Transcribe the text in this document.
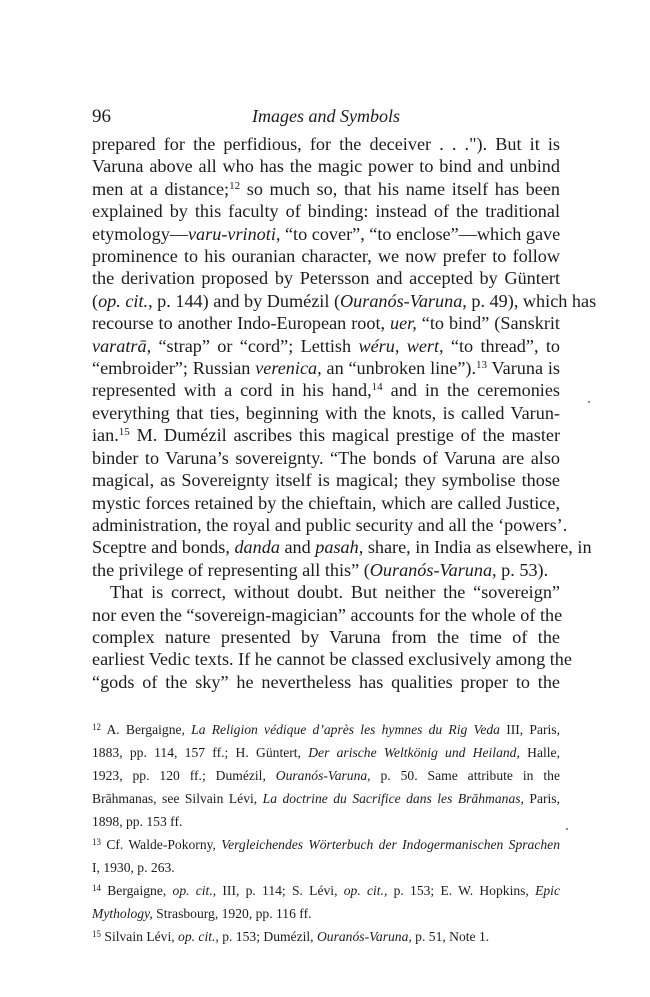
96	Images and Symbols
prepared for the perfidious, for the deceiver . . ."). But it is
Varuna above all who has the magic power to bind and unbind
men at a distance;$^{12}$ so much so, that his name itself has been
explained by this faculty of binding: instead of the traditional
etymology—varu-vrinoti, “to cover”, “to enclose”—which gave
prominence to his ouranian character, we now prefer to follow
the derivation proposed by Petersson and accepted by Güntert
(op. cit., p. 144) and by Dumézil (Ouranós-Varuna, p. 49), which has
recourse to another Indo-European root, uer, “to bind” (Sanskrit
varatrā, “strap” or “cord”; Lettish wéru, wert, “to thread”, to
“embroider”; Russian verenica, an “unbroken line”).$^{13}$ Varuna is
represented with a cord in his hand,$^{14}$ and in the ceremonies
everything that ties, beginning with the knots, is called Varun-
ian.$^{15}$ M. Dumézil ascribes this magical prestige of the master
binder to Varuna’s sovereignty. “The bonds of Varuna are also
magical, as Sovereignty itself is magical; they symbolise those
mystic forces retained by the chieftain, which are called Justice,
administration, the royal and public security and all the ‘powers’.
Sceptre and bonds, danda and pasah, share, in India as elsewhere, in
the privilege of representing all this” (Ouranós-Varuna, p. 53).
That is correct, without doubt. But neither the “sovereign”
nor even the “sovereign-magician” accounts for the whole of the
complex nature presented by Varuna from the time of the
earliest Vedic texts. If he cannot be classed exclusively among the
“gods of the sky” he nevertheless has qualities proper to the
$^{12}$ A. Bergaigne, La Religion védique d’après les hymnes du Rig Veda III, Paris,
1883, pp. 114, 157 ff.; H. Güntert, Der arische Weltkönig und Heiland, Halle,
1923, pp. 120 ff.; Dumézil, Ouranós-Varuna, p. 50. Same attribute in the
Brāhmanas, see Silvain Lévi, La doctrine du Sacrifice dans les Brāhmanas, Paris,
1898, pp. 153 ff.
$^{13}$ Cf. Walde-Pokorny, Vergleichendes Wörterbuch der Indogermanischen Sprachen
I, 1930, p. 263.
$^{14}$ Bergaigne, op. cit., III, p. 114; S. Lévi, op. cit., p. 153; E. W. Hopkins, Epic
Mythology, Strasbourg, 1920, pp. 116 ff.
$^{15}$ Silvain Lévi, op. cit., p. 153; Dumézil, Ouranós-Varuna, p. 51, Note 1.
